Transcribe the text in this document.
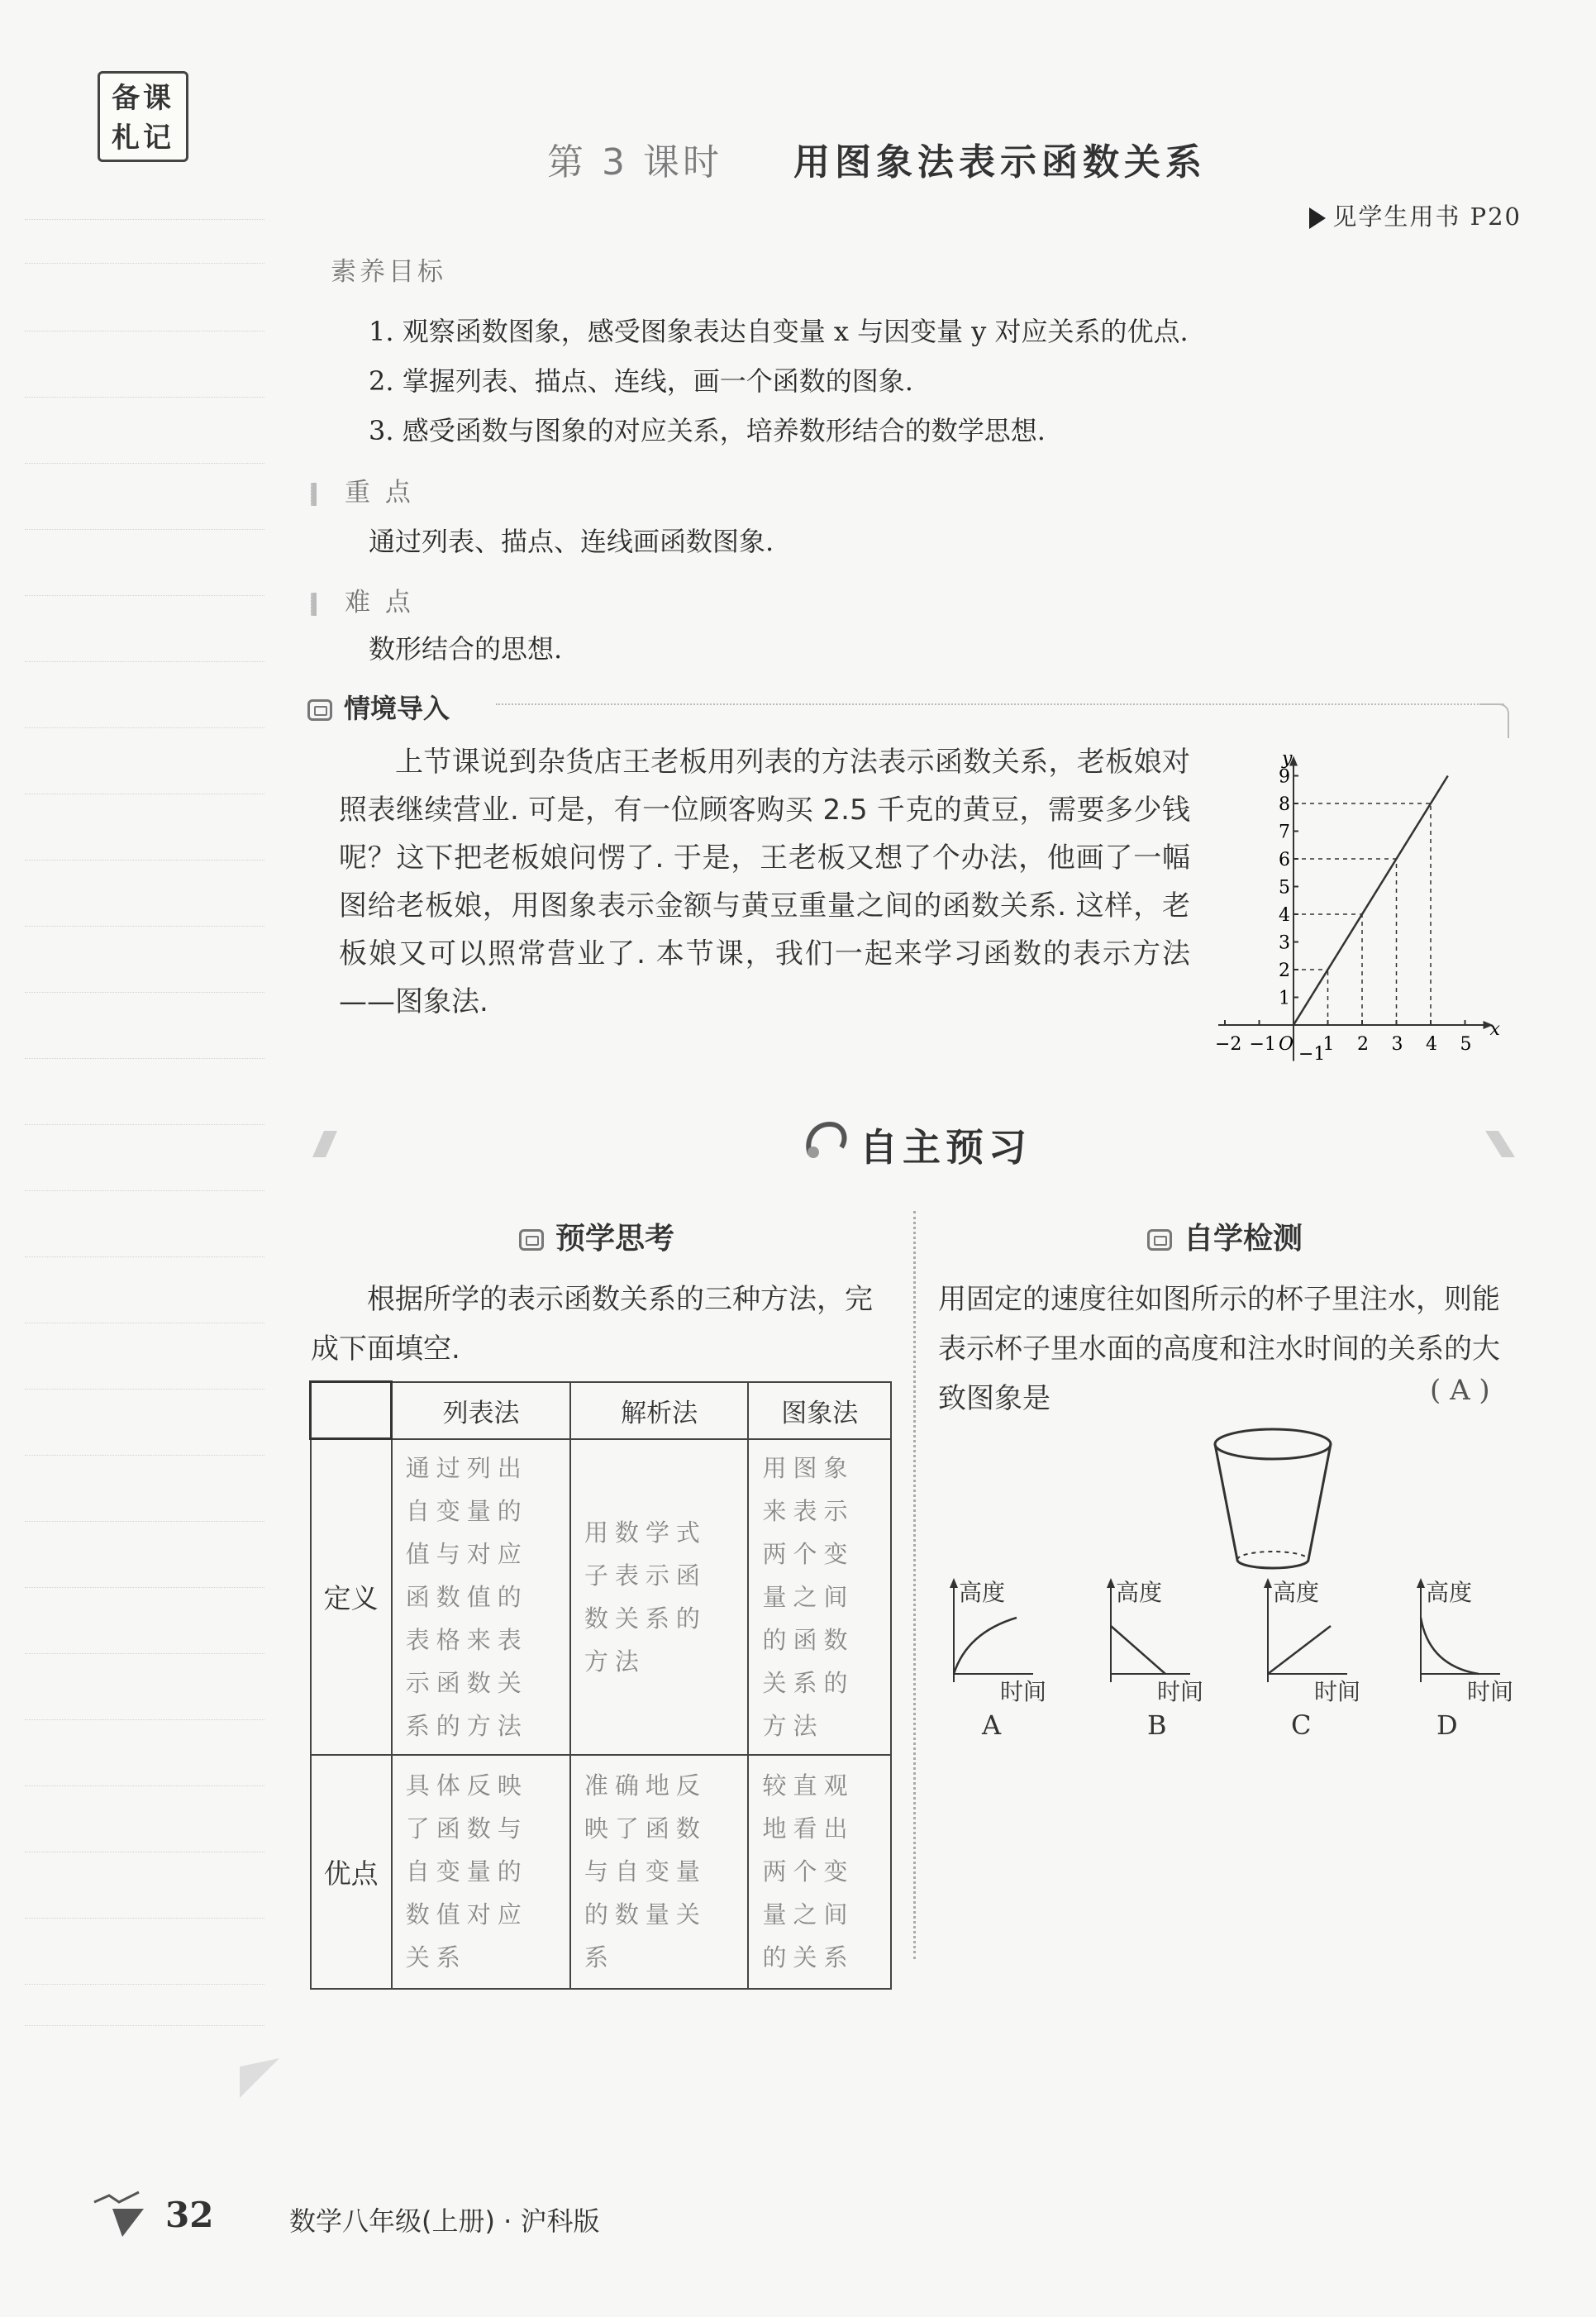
备课
札记
第 3 课时 用图象法表示函数关系
见学生用书 P20
素养目标
1. 观察函数图象，感受图象表达自变量 x 与因变量 y 对应关系的优点.
2. 掌握列表、描点、连线，画一个函数的图象.
3. 感受函数与图象的对应关系，培养数形结合的数学思想.
重 点
通过列表、描点、连线画函数图象.
难 点
数形结合的思想.
情境导入

上节课说到杂货店王老板用列表的方法表示函数关系，老板娘对照表继续营业. 可是，有一位顾客购买 2.5 千克的黄豆，需要多少钱呢？这下把老板娘问愣了. 于是，王老板又想了个办法，他画了一幅图给老板娘，用图象表示金额与黄豆重量之间的函数关系. 这样，老板娘又可以照常营业了. 本节课，我们一起来学习函数的表示方法——图象法.

x
y
1
2
3
4
5
6
7
8
9
−2 −1	1 2 3 4 5
O −1
自主预习
预学思考	自学检测

根据所学的表示函数关系的三种方法，完成下面填空.

	列表法	解析法	图象法
定义	通过列出自变量的值与对应函数值的表格来表示函数关系的方法	用数学式子表示函数关系的方法	用图象来表示两个变量之间的函数关系的方法
优点	具体反映了函数与自变量的数值对应关系	准确地反映了函数与自变量的数量关系	较直观地看出两个变量之间的关系

用固定的速度往如图所示的杯子里注水，则能表示杯子里水面的高度和注水时间的关系的大致图象是	( A )
高度
时间
A
高度
时间
B
高度
时间
C
高度
时间
D
32	数学八年级(上册) · 沪科版
